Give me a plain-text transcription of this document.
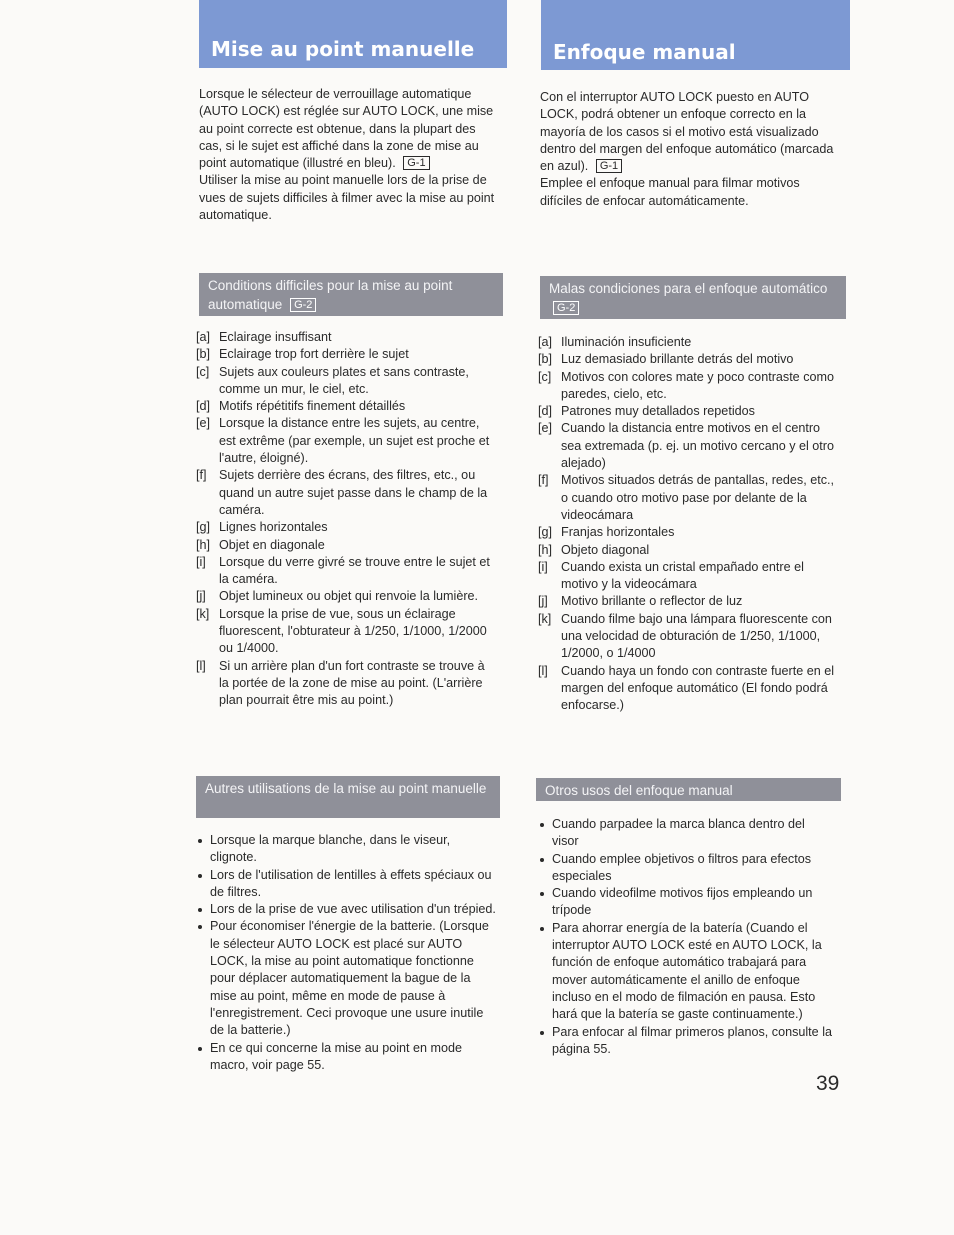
Mise au point manuelle

Lorsque le sélecteur de verrouillage automatique (AUTO LOCK) est réglée sur AUTO LOCK, une mise au point correcte est obtenue, dans la plupart des cas, si le sujet est affiché dans la zone de mise au point automatique (illustré en bleu). G-1
Utiliser la mise au point manuelle lors de la prise de vues de sujets difficiles à filmer avec la mise au point automatique.

Conditions difficiles pour la mise au point automatique G-2
[a] Eclairage insuffisant
[b] Eclairage trop fort derrière le sujet
[c] Sujets aux couleurs plates et sans contraste, comme un mur, le ciel, etc.
[d] Motifs répétitifs finement détaillés
[e] Lorsque la distance entre les sujets, au centre, est extrême (par exemple, un sujet est proche et l'autre, éloigné).
[f] Sujets derrière des écrans, des filtres, etc., ou quand un autre sujet passe dans le champ de la caméra.
[g] Lignes horizontales
[h] Objet en diagonale
[i] Lorsque du verre givré se trouve entre le sujet et la caméra.
[j] Objet lumineux ou objet qui renvoie la lumière.
[k] Lorsque la prise de vue, sous un éclairage fluorescent, l'obturateur à 1/250, 1/1000, 1/2000 ou 1/4000.
[l] Si un arrière plan d'un fort contraste se trouve à la portée de la zone de mise au point. (L'arrière plan pourrait être mis au point.)
Autres utilisations de la mise au point manuelle
Lorsque la marque blanche, dans le viseur, clignote.
Lors de l'utilisation de lentilles à effets spéciaux ou de filtres.
Lors de la prise de vue avec utilisation d'un trépied.
Pour économiser l'énergie de la batterie. (Lorsque le sélecteur AUTO LOCK est placé sur AUTO LOCK, la mise au point automatique fonctionne pour déplacer automatiquement la bague de la mise au point, même en mode de pause à l'enregistrement. Ceci provoque une usure inutile de la batterie.)
En ce qui concerne la mise au point en mode macro, voir page 55.
Enfoque manual

Con el interruptor AUTO LOCK puesto en AUTO LOCK, podrá obtener un enfoque correcto en la mayoría de los casos si el motivo está visualizado dentro del margen del enfoque automático (marcada en azul). G-1
Emplee el enfoque manual para filmar motivos difíciles de enfocar automáticamente.

Malas condiciones para el enfoque automático G-2
[a] Iluminación insuficiente
[b] Luz demasiado brillante detrás del motivo
[c] Motivos con colores mate y poco contraste como paredes, cielo, etc.
[d] Patrones muy detallados repetidos
[e] Cuando la distancia entre motivos en el centro sea extremada (p. ej. un motivo cercano y el otro alejado)
[f] Motivos situados detrás de pantallas, redes, etc., o cuando otro motivo pase por delante de la videocámara
[g] Franjas horizontales
[h] Objeto diagonal
[i] Cuando exista un cristal empañado entre el motivo y la videocámara
[j] Motivo brillante o reflector de luz
[k] Cuando filme bajo una lámpara fluorescente con una velocidad de obturación de 1/250, 1/1000, 1/2000, o 1/4000
[l] Cuando haya un fondo con contraste fuerte en el margen del enfoque automático (El fondo podrá enfocarse.)
Otros usos del enfoque manual
Cuando parpadee la marca blanca dentro del visor
Cuando emplee objetivos o filtros para efectos especiales
Cuando videofilme motivos fijos empleando un trípode
Para ahorrar energía de la batería (Cuando el interruptor AUTO LOCK esté en AUTO LOCK, la función de enfoque automático trabajará para mover automáticamente el anillo de enfoque incluso en el modo de filmación en pausa. Esto hará que la batería se gaste continuamente.)
Para enfocar al filmar primeros planos, consulte la página 55.
39
